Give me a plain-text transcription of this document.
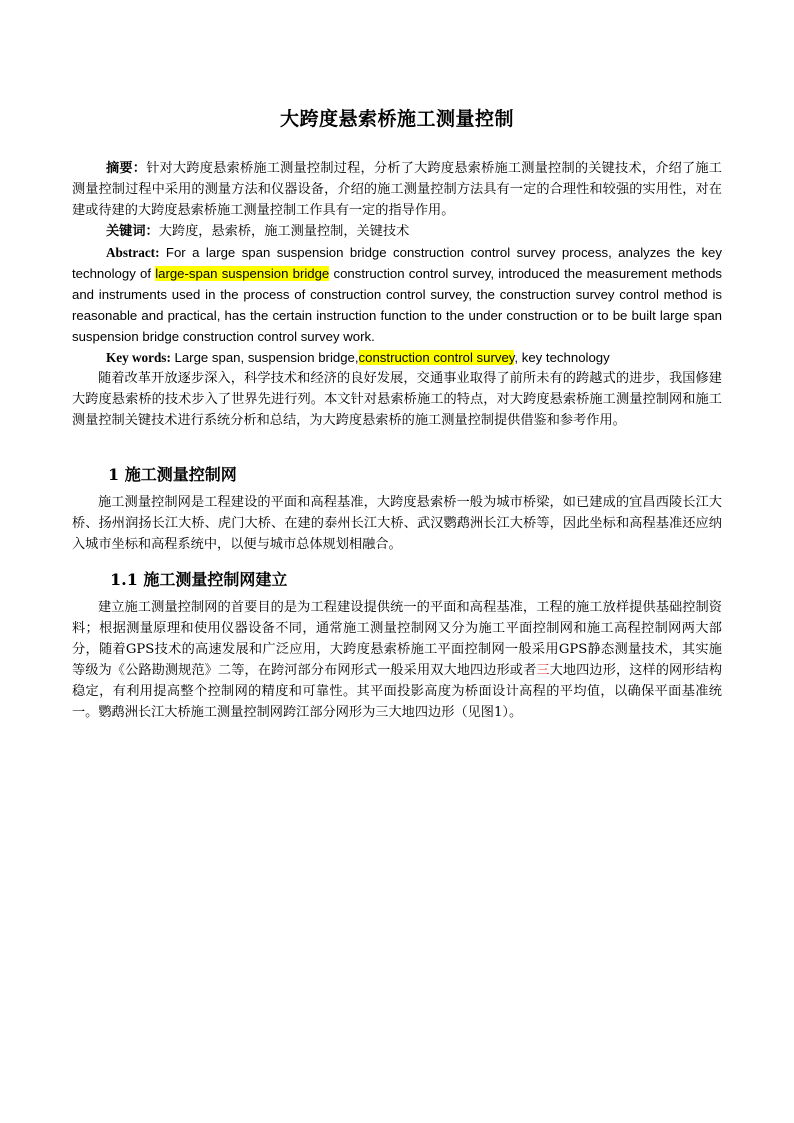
大跨度悬索桥施工测量控制
摘要：针对大跨度悬索桥施工测量控制过程，分析了大跨度悬索桥施工测量控制的关键技术，介绍了施工测量控制过程中采用的测量方法和仪器设备，介绍的施工测量控制方法具有一定的合理性和较强的实用性，对在建或待建的大跨度悬索桥施工测量控制工作具有一定的指导作用。
关键词：大跨度，悬索桥，施工测量控制，关键技术
Abstract: For a large span suspension bridge construction control survey process, analyzes the key technology of large-span suspension bridge construction control survey, introduced the measurement methods and instruments used in the process of construction control survey, the construction survey control method is reasonable and practical, has the certain instruction function to the under construction or to be built large span suspension bridge construction control survey work.
Key words: Large span, suspension bridge,construction control survey, key technology
随着改革开放逐步深入，科学技术和经济的良好发展，交通事业取得了前所未有的跨越式的进步，我国修建大跨度悬索桥的技术步入了世界先进行列。本文针对悬索桥施工的特点，对大跨度悬索桥施工测量控制网和施工测量控制关键技术进行系统分析和总结，为大跨度悬索桥的施工测量控制提供借鉴和参考作用。
1 施工测量控制网
施工测量控制网是工程建设的平面和高程基准，大跨度悬索桥一般为城市桥梁，如已建成的宜昌西陵长江大桥、扬州润扬长江大桥、虎门大桥、在建的泰州长江大桥、武汉鹦鹉洲长江大桥等，因此坐标和高程基准还应纳入城市坐标和高程系统中，以便与城市总体规划相融合。
1.1 施工测量控制网建立
建立施工测量控制网的首要目的是为工程建设提供统一的平面和高程基准，工程的施工放样提供基础控制资料；根据测量原理和使用仪器设备不同，通常施工测量控制网又分为施工平面控制网和施工高程控制网两大部分，随着GPS技术的高速发展和广泛应用，大跨度悬索桥施工平面控制网一般采用GPS静态测量技术，其实施等级为《公路勘测规范》二等，在跨河部分布网形式一般采用双大地四边形或者三大地四边形，这样的网形结构稳定，有利用提高整个控制网的精度和可靠性。其平面投影高度为桥面设计高程的平均值，以确保平面基准统一。鹦鹉洲长江大桥施工测量控制网跨江部分网形为三大地四边形（见图1）。
